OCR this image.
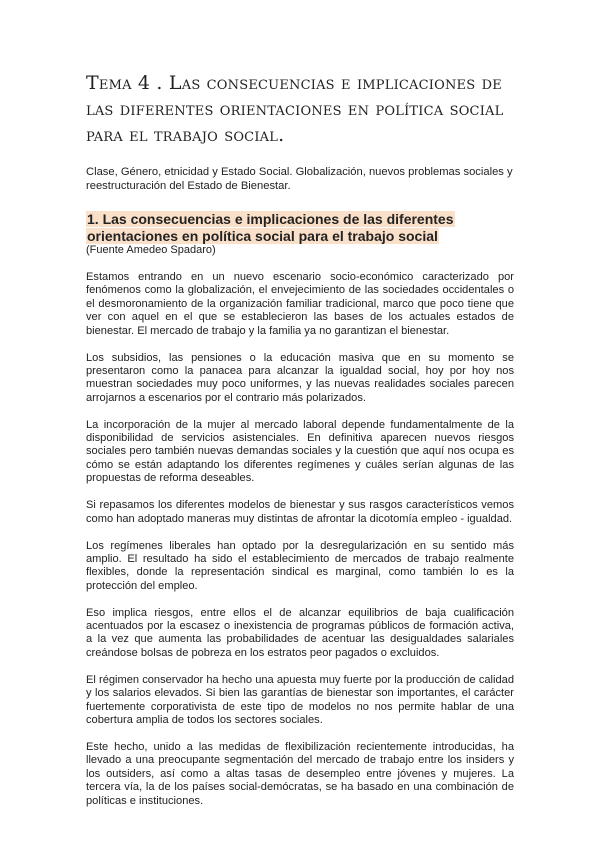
Tema 4 . Las consecuencias e implicaciones de las diferentes orientaciones en política social para el trabajo social.

Clase, Género, etnicidad y Estado Social. Globalización, nuevos problemas sociales y reestructuración del Estado de Bienestar.

1. Las consecuencias e implicaciones de las diferentes orientaciones en política social para el trabajo social

(Fuente Amedeo Spadaro)

Estamos entrando en un nuevo escenario socio-económico caracterizado por fenómenos como la globalización, el envejecimiento de las sociedades occidentales o el desmoronamiento de la organización familiar tradicional, marco que poco tiene que ver con aquel en el que se establecieron las bases de los actuales estados de bienestar. El mercado de trabajo y la familia ya no garantizan el bienestar.

Los subsidios, las pensiones o la educación masiva que en su momento se presentaron como la panacea para alcanzar la igualdad social, hoy por hoy nos muestran sociedades muy poco uniformes, y las nuevas realidades sociales parecen arrojarnos a escenarios por el contrario más polarizados.

La incorporación de la mujer al mercado laboral depende fundamentalmente de la disponibilidad de servicios asistenciales. En definitiva aparecen nuevos riesgos sociales pero también nuevas demandas sociales y la cuestión que aquí nos ocupa es cómo se están adaptando los diferentes regímenes y cuáles serían algunas de las propuestas de reforma deseables.

Si repasamos los diferentes modelos de bienestar y sus rasgos característicos vemos como han adoptado maneras muy distintas de afrontar la dicotomía empleo - igualdad.

Los regímenes liberales han optado por la desregularización en su sentido más amplio. El resultado ha sido el establecimiento de mercados de trabajo realmente flexibles, donde la representación sindical es marginal, como también lo es la protección del empleo.

Eso implica riesgos, entre ellos el de alcanzar equilibrios de baja cualificación acentuados por la escasez o inexistencia de programas públicos de formación activa, a la vez que aumenta las probabilidades de acentuar las desigualdades salariales creándose bolsas de pobreza en los estratos peor pagados o excluidos.

El régimen conservador ha hecho una apuesta muy fuerte por la producción de calidad y los salarios elevados. Si bien las garantías de bienestar son importantes, el carácter fuertemente corporativista de este tipo de modelos no nos permite hablar de una cobertura amplia de todos los sectores sociales.

Este hecho, unido a las medidas de flexibilización recientemente introducidas, ha llevado a una preocupante segmentación del mercado de trabajo entre los insiders y los outsiders, así como a altas tasas de desempleo entre jóvenes y mujeres. La tercera vía, la de los países social-demócratas, se ha basado en una combinación de políticas e instituciones.
